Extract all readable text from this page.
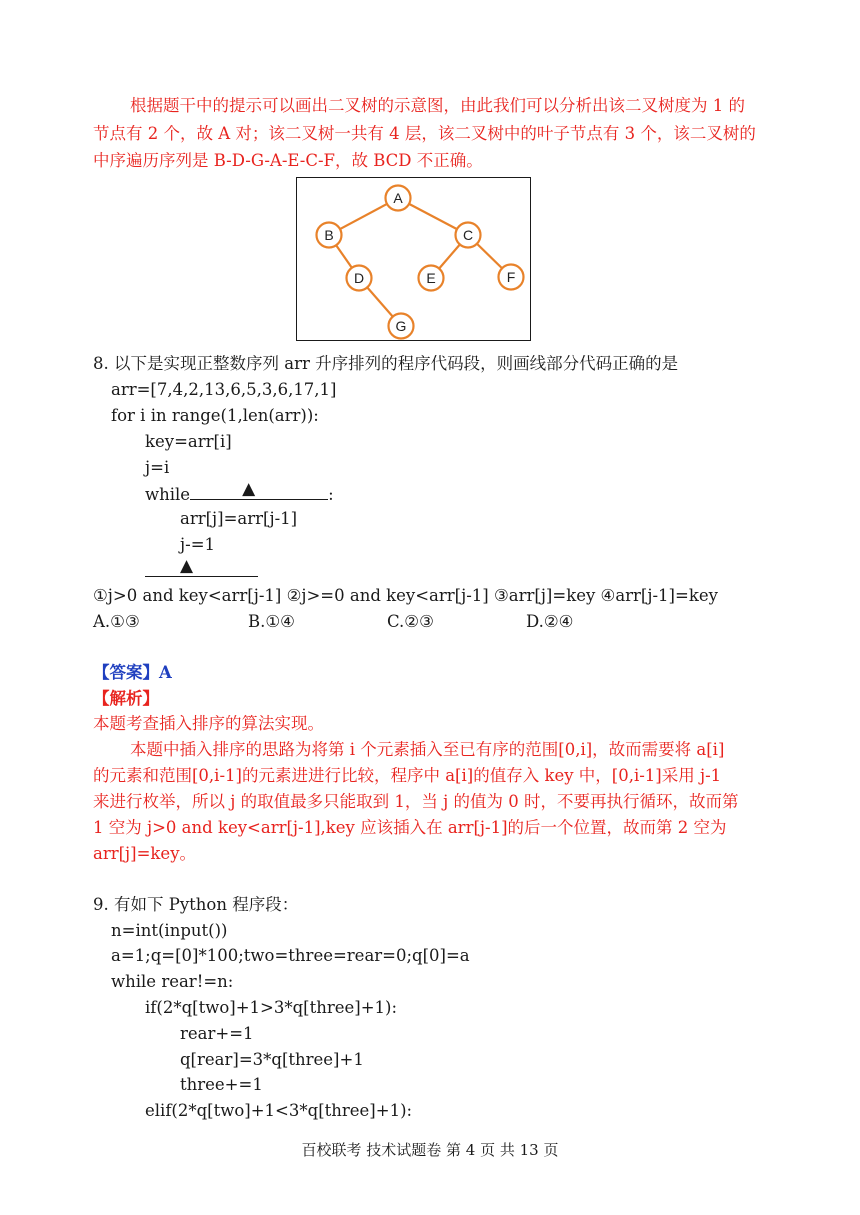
根据题干中的提示可以画出二叉树的示意图，由此我们可以分析出该二叉树度为 1 的
节点有 2 个，故 A 对；该二叉树一共有 4 层，该二叉树中的叶子节点有 3 个，该二叉树的
中序遍历序列是 B-D-G-A-E-C-F，故 BCD 不正确。
A
B	C
D	E	F
G
8. 以下是实现正整数序列 arr 升序排列的程序代码段，则画线部分代码正确的是
arr=[7,4,2,13,6,5,3,6,17,1]
for i in range(1,len(arr)):
key=arr[i]
j=i
while	▲	:
arr[j]=arr[j-1]
j-=1
▲
①j>0 and key<arr[j-1] ②j>=0 and key<arr[j-1] ③arr[j]=key ④arr[j-1]=key
A.①③	B.①④	C.②③	D.②④
【答案】A
【解析】
本题考查插入排序的算法实现。
本题中插入排序的思路为将第 i 个元素插入至已有序的范围[0,i]，故而需要将 a[i]
的元素和范围[0,i-1]的元素进进行比较，程序中 a[i]的值存入 key 中，[0,i-1]采用 j-1
来进行枚举，所以 j 的取值最多只能取到 1，当 j 的值为 0 时，不要再执行循环，故而第
1 空为 j>0 and key<arr[j-1],key 应该插入在 arr[j-1]的后一个位置，故而第 2 空为
arr[j]=key。
9. 有如下 Python 程序段：
n=int(input())
a=1;q=[0]*100;two=three=rear=0;q[0]=a
while rear!=n:
if(2*q[two]+1>3*q[three]+1):
rear+=1
q[rear]=3*q[three]+1
three+=1
elif(2*q[two]+1<3*q[three]+1):
百校联考 技术试题卷 第 4 页 共 13 页
